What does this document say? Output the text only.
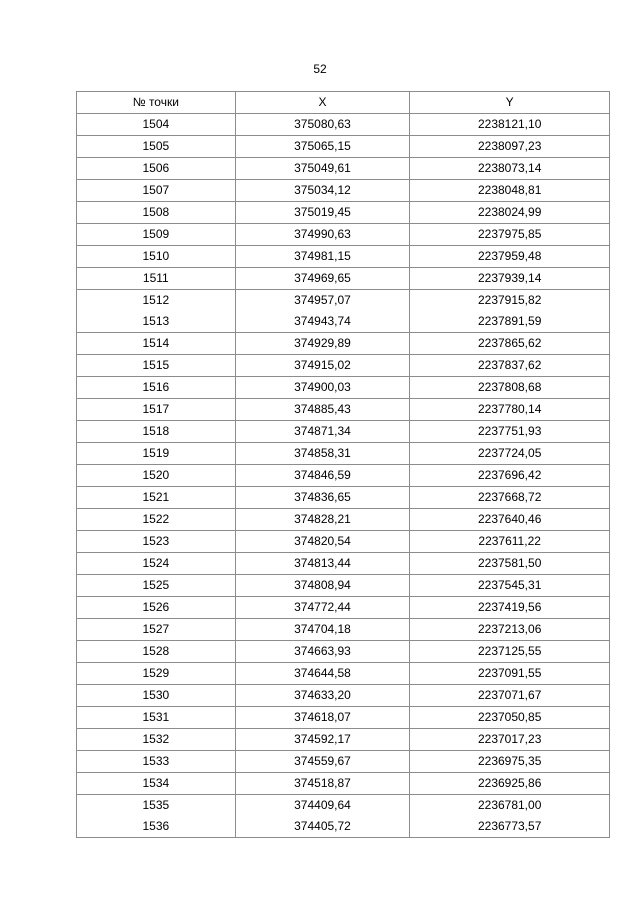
52
№ точки	X	Y
1504	375080,63	2238121,10
1505	375065,15	2238097,23
1506	375049,61	2238073,14
1507	375034,12	2238048,81
1508	375019,45	2238024,99
1509	374990,63	2237975,85
1510	374981,15	2237959,48
1511	374969,65	2237939,14
1512	374957,07	2237915,82
1513	374943,74	2237891,59
1514	374929,89	2237865,62
1515	374915,02	2237837,62
1516	374900,03	2237808,68
1517	374885,43	2237780,14
1518	374871,34	2237751,93
1519	374858,31	2237724,05
1520	374846,59	2237696,42
1521	374836,65	2237668,72
1522	374828,21	2237640,46
1523	374820,54	2237611,22
1524	374813,44	2237581,50
1525	374808,94	2237545,31
1526	374772,44	2237419,56
1527	374704,18	2237213,06
1528	374663,93	2237125,55
1529	374644,58	2237091,55
1530	374633,20	2237071,67
1531	374618,07	2237050,85
1532	374592,17	2237017,23
1533	374559,67	2236975,35
1534	374518,87	2236925,86
1535	374409,64	2236781,00
1536	374405,72	2236773,57
